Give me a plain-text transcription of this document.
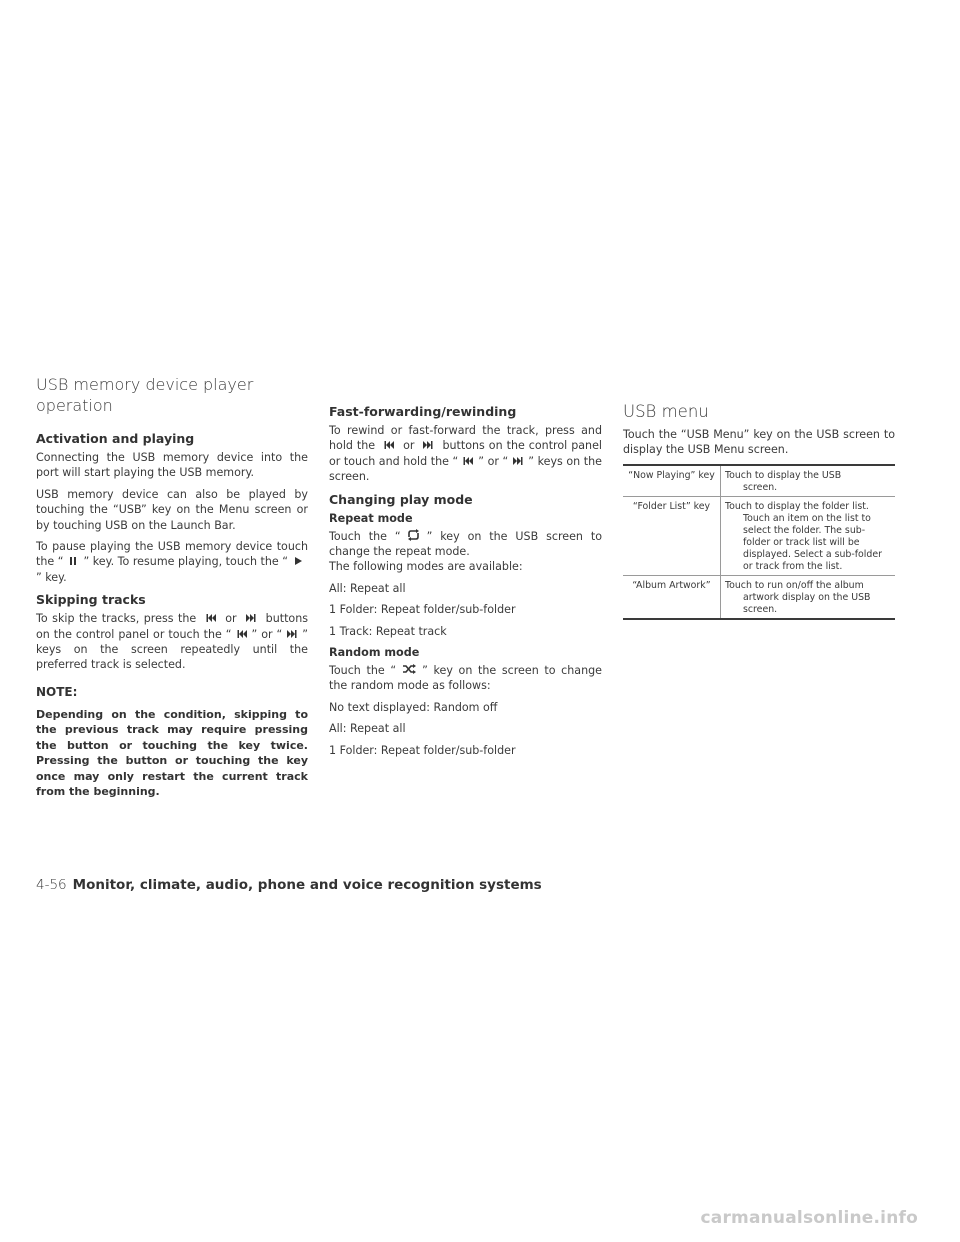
USB memory device player
operation
Activation and playing

Connecting the USB memory device into the port will start playing the USB memory.

USB memory device can also be played by touching the “USB” key on the Menu screen or by touching USB on the Launch Bar.

To pause playing the USB memory device touch the “ ” key. To resume playing, touch the “” key.

Skipping tracks

To skip the tracks, press the	or	buttons on the control panel or touch the “ ” or “ ” keys on the screen repeatedly until the preferred track is selected.

NOTE:

Depending on the condition, skipping to the previous track may require pressing the button or touching the key twice. Pressing the button or touching the key once may only restart the current track from the beginning.

Fast-forwarding/rewinding

To rewind or fast-forward the track, press and hold the	or	buttons on the control panel or touch and hold the “ ” or “ ” keys on the screen.

Changing play mode
Repeat mode

Touch the “ ” key on the USB screen to change the repeat mode.

The following modes are available:

All: Repeat all

1 Folder: Repeat folder/sub-folder

1 Track: Repeat track

Random mode

Touch the “ ” key on the screen to change the random mode as follows:

No text displayed: Random off

All: Repeat all

1 Folder: Repeat folder/sub-folder

USB menu

Touch the “USB Menu” key on the USB screen to display the USB Menu screen.

“Now Playing” key	Touch to display the USB
screen.

“Folder List” key	Touch to display the folder list.
Touch an item on the list to select the folder. The sub-folder or track list will be displayed. Select a sub-folder or track from the list.

“Album Artwork”	Touch to run on/off the album
artwork display on the USB screen.
4-56 Monitor, climate, audio, phone and voice recognition systems
carmanualsonline.info
